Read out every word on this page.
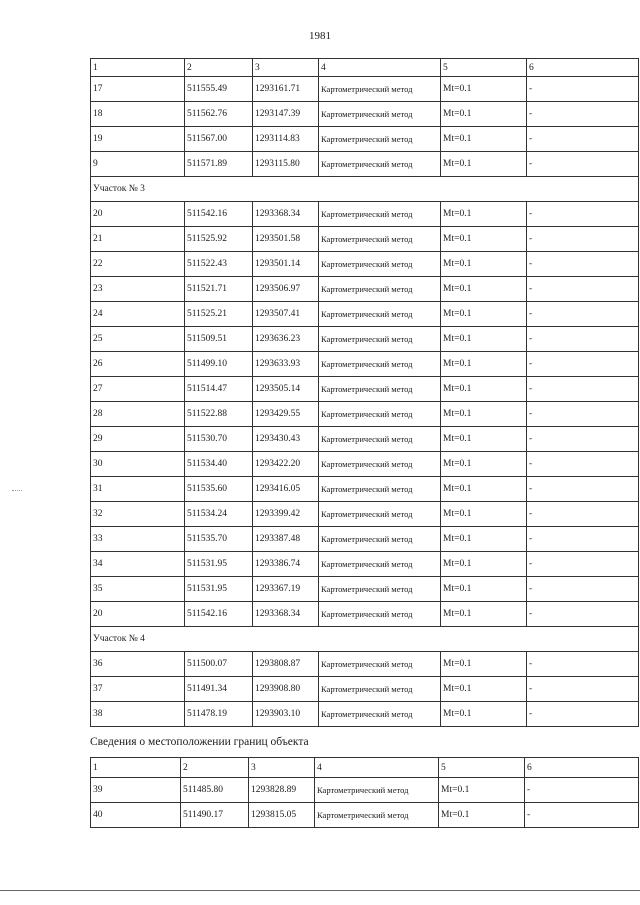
1981
1	2	3	4	5	6
17	511555.49	1293161.71	Картометрический метод	Mt=0.1	-
18	511562.76	1293147.39	Картометрический метод	Mt=0.1	-
19	511567.00	1293114.83	Картометрический метод	Mt=0.1	-
9	511571.89	1293115.80	Картометрический метод	Mt=0.1	-
Участок № 3					
20	511542.16	1293368.34	Картометрический метод	Mt=0.1	-
21	511525.92	1293501.58	Картометрический метод	Mt=0.1	-
22	511522.43	1293501.14	Картометрический метод	Mt=0.1	-
23	511521.71	1293506.97	Картометрический метод	Mt=0.1	-
24	511525.21	1293507.41	Картометрический метод	Mt=0.1	-
25	511509.51	1293636.23	Картометрический метод	Mt=0.1	-
26	511499.10	1293633.93	Картометрический метод	Mt=0.1	-
27	511514.47	1293505.14	Картометрический метод	Mt=0.1	-
28	511522.88	1293429.55	Картометрический метод	Mt=0.1	-
29	511530.70	1293430.43	Картометрический метод	Mt=0.1	-
30	511534.40	1293422.20	Картометрический метод	Mt=0.1	-
31	511535.60	1293416.05	Картометрический метод	Mt=0.1	-
32	511534.24	1293399.42	Картометрический метод	Mt=0.1	-
33	511535.70	1293387.48	Картометрический метод	Mt=0.1	-
34	511531.95	1293386.74	Картометрический метод	Mt=0.1	-
35	511531.95	1293367.19	Картометрический метод	Mt=0.1	-
20	511542.16	1293368.34	Картометрический метод	Mt=0.1	-
Участок № 4					
36	511500.07	1293808.87	Картометрический метод	Mt=0.1	-
37	511491.34	1293908.80	Картометрический метод	Mt=0.1	-
38	511478.19	1293903.10	Картометрический метод	Mt=0.1	-
Сведения о местоположении границ объекта
1	2	3	4	5	6
39	511485.80	1293828.89	Картометрический метод	Mt=0.1	-
40	511490.17	1293815.05	Картометрический метод	Mt=0.1	-
